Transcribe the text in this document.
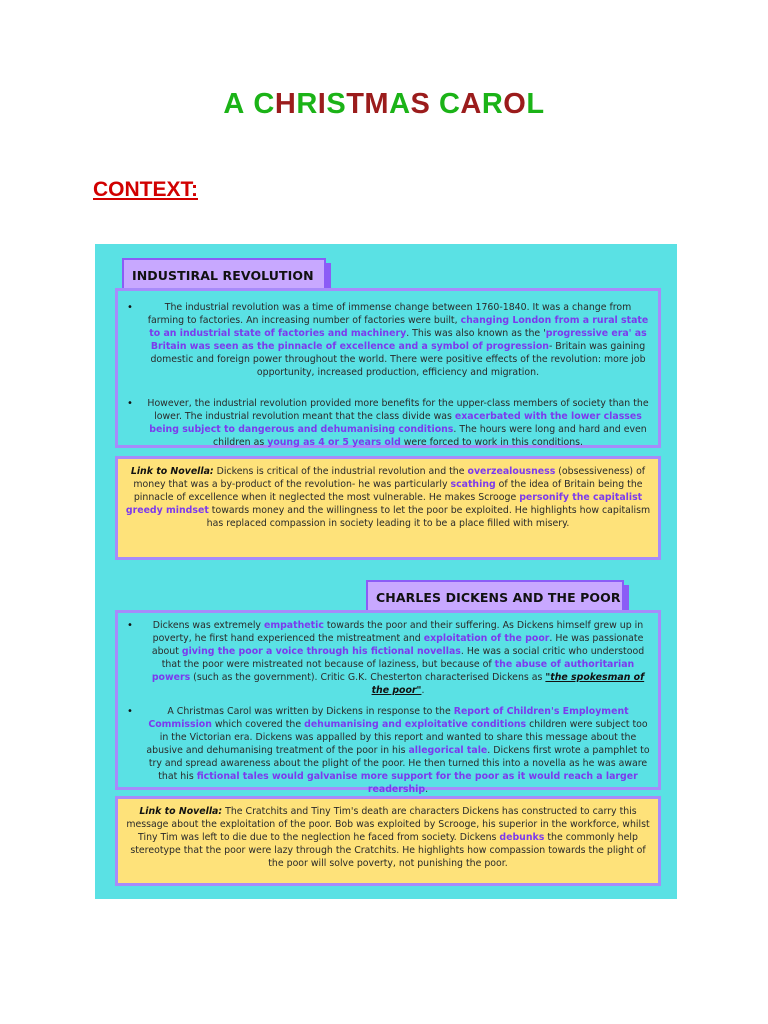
A CHRISTMAS CAROL
CONTEXT:
INDUSTIRAL REVOLUTION
•	The industrial revolution was a time of immense change between 1760-1840. It was a change from farming to factories. An increasing number of factories were built, changing London from a rural state to an industrial state of factories and machinery. This was also known as the 'progressive era' as Britain was seen as the pinnacle of excellence and a symbol of progression- Britain was gaining domestic and foreign power throughout the world. There were positive effects of the revolution: more job opportunity, increased production, efficiency and migration.
• However, the industrial revolution provided more benefits for the upper-class members of society than the lower. The industrial revolution meant that the class divide was exacerbated with the lower classes being subject to dangerous and dehumanising conditions. The hours were long and hard and even children as young as 4 or 5 years old were forced to work in this conditions.
Link to Novella: Dickens is critical of the industrial revolution and the overzealousness (obsessiveness) of money that was a by-product of the revolution- he was particularly scathing of the idea of Britain being the pinnacle of excellence when it neglected the most vulnerable. He makes Scrooge personify the capitalist greedy mindset towards money and the willingness to let the poor be exploited. He highlights how capitalism has replaced compassion in society leading it to be a place filled with misery.
CHARLES DICKENS AND THE POOR
• Dickens was extremely empathetic towards the poor and their suffering. As Dickens himself grew up in poverty, he first hand experienced the mistreatment and exploitation of the poor. He was passionate about giving the poor a voice through his fictional novellas. He was a social critic who understood that the poor were mistreated not because of laziness, but because of the abuse of authoritarian powers (such as the government). Critic G.K. Chesterton characterised Dickens as "the spokesman of the poor".
•	A Christmas Carol was written by Dickens in response to the Report of Children's Employment Commission which covered the dehumanising and exploitative conditions children were subject too in the Victorian era. Dickens was appalled by this report and wanted to share this message about the abusive and dehumanising treatment of the poor in his allegorical tale. Dickens first wrote a pamphlet to try and spread awareness about the plight of the poor. He then turned this into a novella as he was aware that his fictional tales would galvanise more support for the poor as it would reach a larger readership.
Link to Novella: The Cratchits and Tiny Tim's death are characters Dickens has constructed to carry this message about the exploitation of the poor. Bob was exploited by Scrooge, his superior in the workforce, whilst Tiny Tim was left to die due to the neglection he faced from society. Dickens debunks the commonly help stereotype that the poor were lazy through the Cratchits. He highlights how compassion towards the plight of the poor will solve poverty, not punishing the poor.
